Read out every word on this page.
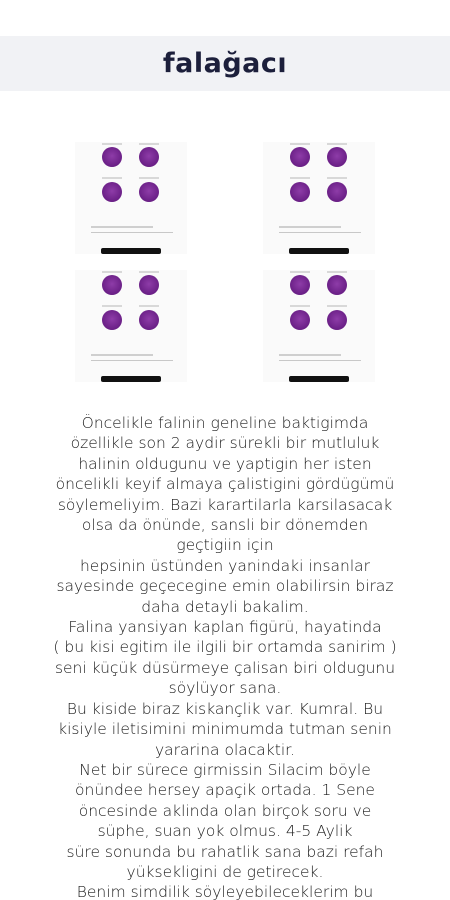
falağacı

Öncelikle falinin geneline baktigimda
özellikle son 2 aydir sürekli bir mutluluk
halinin oldugunu ve yaptigin her isten
öncelikli keyif almaya çalistigini gördügümü
söylemeliyim. Bazi karartilarla karsilasacak
olsa da önünde, sansli bir dönemden
geçtigiin için
hepsinin üstünden yanindaki insanlar
sayesinde geçecegine emin olabilirsin biraz
daha detayli bakalim.
Falina yansiyan kaplan figürü, hayatinda
( bu kisi egitim ile ilgili bir ortamda sanirim )
seni küçük düsürmeye çalisan biri oldugunu
söylüyor sana.
Bu kiside biraz kiskançlik var. Kumral. Bu
kisiyle iletisimini minimumda tutman senin
yararina olacaktir.
Net bir sürece girmissin Silacim böyle
önündee hersey apaçik ortada. 1 Sene
öncesinde aklinda olan birçok soru ve
süphe, suan yok olmus. 4-5 Aylik
süre sonunda bu rahatlik sana bazi refah
yüksekligini de getirecek.
Benim simdilik söyleyebileceklerim bu
